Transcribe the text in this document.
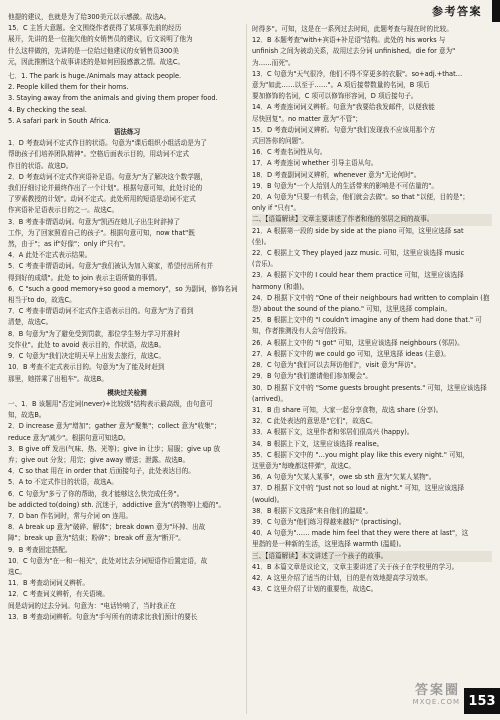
参考答案
他提的建议，也就是为了给300美元以示感激。故选A。
15．C 主旨大意题。全文围绕作者获得了某项事先前的经历
展开，先讲的是一位拖欠他的女销售员的建议，后文说明了他为
什么这样做的，先讲的是一位给过他建议的女销售员300美
元，因此推断这个故事讲述的是如何回报感激之情。故选C。
七．1. The park is huge./Animals may attack people.
2. People killed them for their horns.
3. Staying away from the animals and giving them proper food.
4. By checking the seal.
5. A safari park in South Africa.
语法练习
1．D 考查动词不定式作目的状语。句意为"课后组织小组活动是为了
帮助孩子们培养团队精神"。空格后面表示目的，用动词不定式
作目的状语。故选D。
2．D 考查动词不定式作宾语补足语。句意为"为了解决这个数学题，
我们仔细讨论并最终作出了一个计划"。根据句意可知，此处讨论的
了罗素教授的计划"。动词不定式。此处所用的短语是动词不定式
作宾语补足语表示目的之一。故选C。
3．B 考查非谓语动词。句意为"凯西在她儿子出生时辞掉了
工作，为了回家照看自己的孩子"。根据句意可知，now that"既
然，由于"；as if"好像"；only if"只有"。
4．A 此处不定式表示结果。
5．C 考查非谓语动词。句意为"我们被认为加入赛家，希望付出所有并
得到好的成绩"。此处 to join 表示主语所做的事情。
6．C "such a good memory+so good a memory"，so 为副词，修饰名词
相当于to do，故选C。
7．C 考查非谓语动词不定式作主语表示目的。句意为"为了看到
清楚，故选C。
8．B 句意为"为了避免受到罚款，那位学生努力学习并准时
交作业"。此处 to avoid 表示目的，作状语，故选B。
9．C 句意为"我们决定明天早上出发去旅行，故选C。
10．B 考查不定式表示目的。句意为"为了能及时赶到
那里，她搭乘了出租车"。故选B。
模块过关检测
一、1．B 该题用"否定词(never)+比较级"结构表示最高级，由句意可
知，故选B。
2．D increase 意为"增加"；gather 意为"聚集"；collect 意为"收集"；
reduce 意为"减少"。根据句意可知选D。
3．B give off 发出(气味、热、光等)；give in 让步；屈服；give up 放
弃；give out 分发；用完；give away 赠送；泄露。故选B。
4．C so that 用在 in order that 后面接句子，此处表达目的。
5．A to 不定式作目的状语，故选A。
6．C 句意为"多亏了你的帮助，我才能够这么快完成任务"。
be addicted to(doing) sth. 沉迷于，addictive 意为"(药物等)上瘾的"。
7．D ban 作名词时，常与介词 on 连用。
8．A break up 意为"破碎、解体"；break down 意为"坏掉、出故
障"；break up 意为"结束；粉碎"；break off 意为"断开"。
9．B 考查固定搭配。
10．C 句意为"在一和一相关"，此处对比去分词短语作后置定语，故
选C。
11．B 考查动词词义辨析。
12．C 考查词义辨析，有关语境。
间是动词的过去分词。句意为："电话铃响了，当时我正在
13．B 考查动词辨析。句意为"手写所有的请求比我们预计的要长
时得多"。可知，这是在一系列过去时间，此题考查与现在时的比较。
12．B 本题考查"with+宾语+补足语"结构。此处的 his works 与
unfinish 之间为被动关系，故用过去分词 unfinished。die for 意为"
为……而死"。
13．C 句意为"天气很冷，他们不得不穿更多的衣服"。so+adj.+that…
意为"如此……以至于……"。A 项后接带数量的名词，B 项后
要加修饰的名词，C 项可以修饰形容词，D 项后接句子。
14．A 考查连词词义辨析。句意为"我要给我发邮件，以便我能
尽快回复"。no matter 意为"不管"；
15．D 考查动词词义辨析。句意为"我们发现我不应该用那个方
式回答你的问题"。
16．C 考查名词性从句。
17．A 考查连词 whether 引导主语从句。
18．D 考查副词词义辨析，whenever 意为"无论何时"。
19．B 句意为"一个人给别人的生活带来的影响是不可估量的"。
20．A 句意为"只要一有机会，他们就会去做"。so that "以便，目的是"；
only if "只有"。
二、【语篇解读】文章主要讲述了作者和他的邻居之间的故事。
21．A 根据第一段的 side by side at the piano 可知，这里应选择 sat
(坐)。
22．C 根据上文 They played jazz music. 可知，这里应该选择 music
(音乐)。
23．A 根据下文中的 I could hear them practice 可知，这里应该选择
harmony (和谐)。
24．D 根据下文中的 "One of their neighbours had written to complain (抱
怨) about the sound of the piano." 可知，这里选择 complain。
25．B 根据上文中的 "I couldn't imagine any of them had done that." 可
知，作者推测没有人会写信投诉。
26．A 根据上文中的 "I got" 可知，这里应该选择 neighbours (邻居)。
27．A 根据下文中的 we could go 可知，这里选择 ideas (主意)。
28．C 句意为"我们可以去拜访他们"，visit 意为"拜访"。
29．B 句意为"我们邀请他们参加聚会"。
30．D 根据下文中的 "Some guests brought presents." 可知，这里应该选择
(arrived)。
31．B 由 share 可知，大家一起分享食物，故选 share (分享)。
32．C 此处表达的意思是"它们"，故选C。
33．A 根据下文，这里作者和邻居们很高兴 (happy)。
34．B 根据上下文，这里应该选择 realise。
35．C 根据下文中的 "…you might play like this every night." 可知，
这里意为"每晚都这样弹"，故选C。
36．A 句意为"欠某人某事"，owe sb sth 意为"欠某人某物"。
37．D 根据下文中的 "Just not so loud at night." 可知，这里应该选择
(would)。
38．B 根据下文选择"来自他们的温暖"。
39．C 句意为"他们练习得越来越好" (practising)。
40．A 句意为"…… made him feel that they were there at last"，这
里指的是一种新的生活，这里选择 warmth (温暖)。
三、【语篇解读】本文讲述了一个孩子的故事。
41．B 本篇文章是议论文，文章主要讲述了关于孩子在学校里的学习。
42．A 这里介绍了适当的计划，目的是有效地提高学习效率。
43．C 这里介绍了计划的重要性，故选C。
答案圈
MXQE.COM 153
